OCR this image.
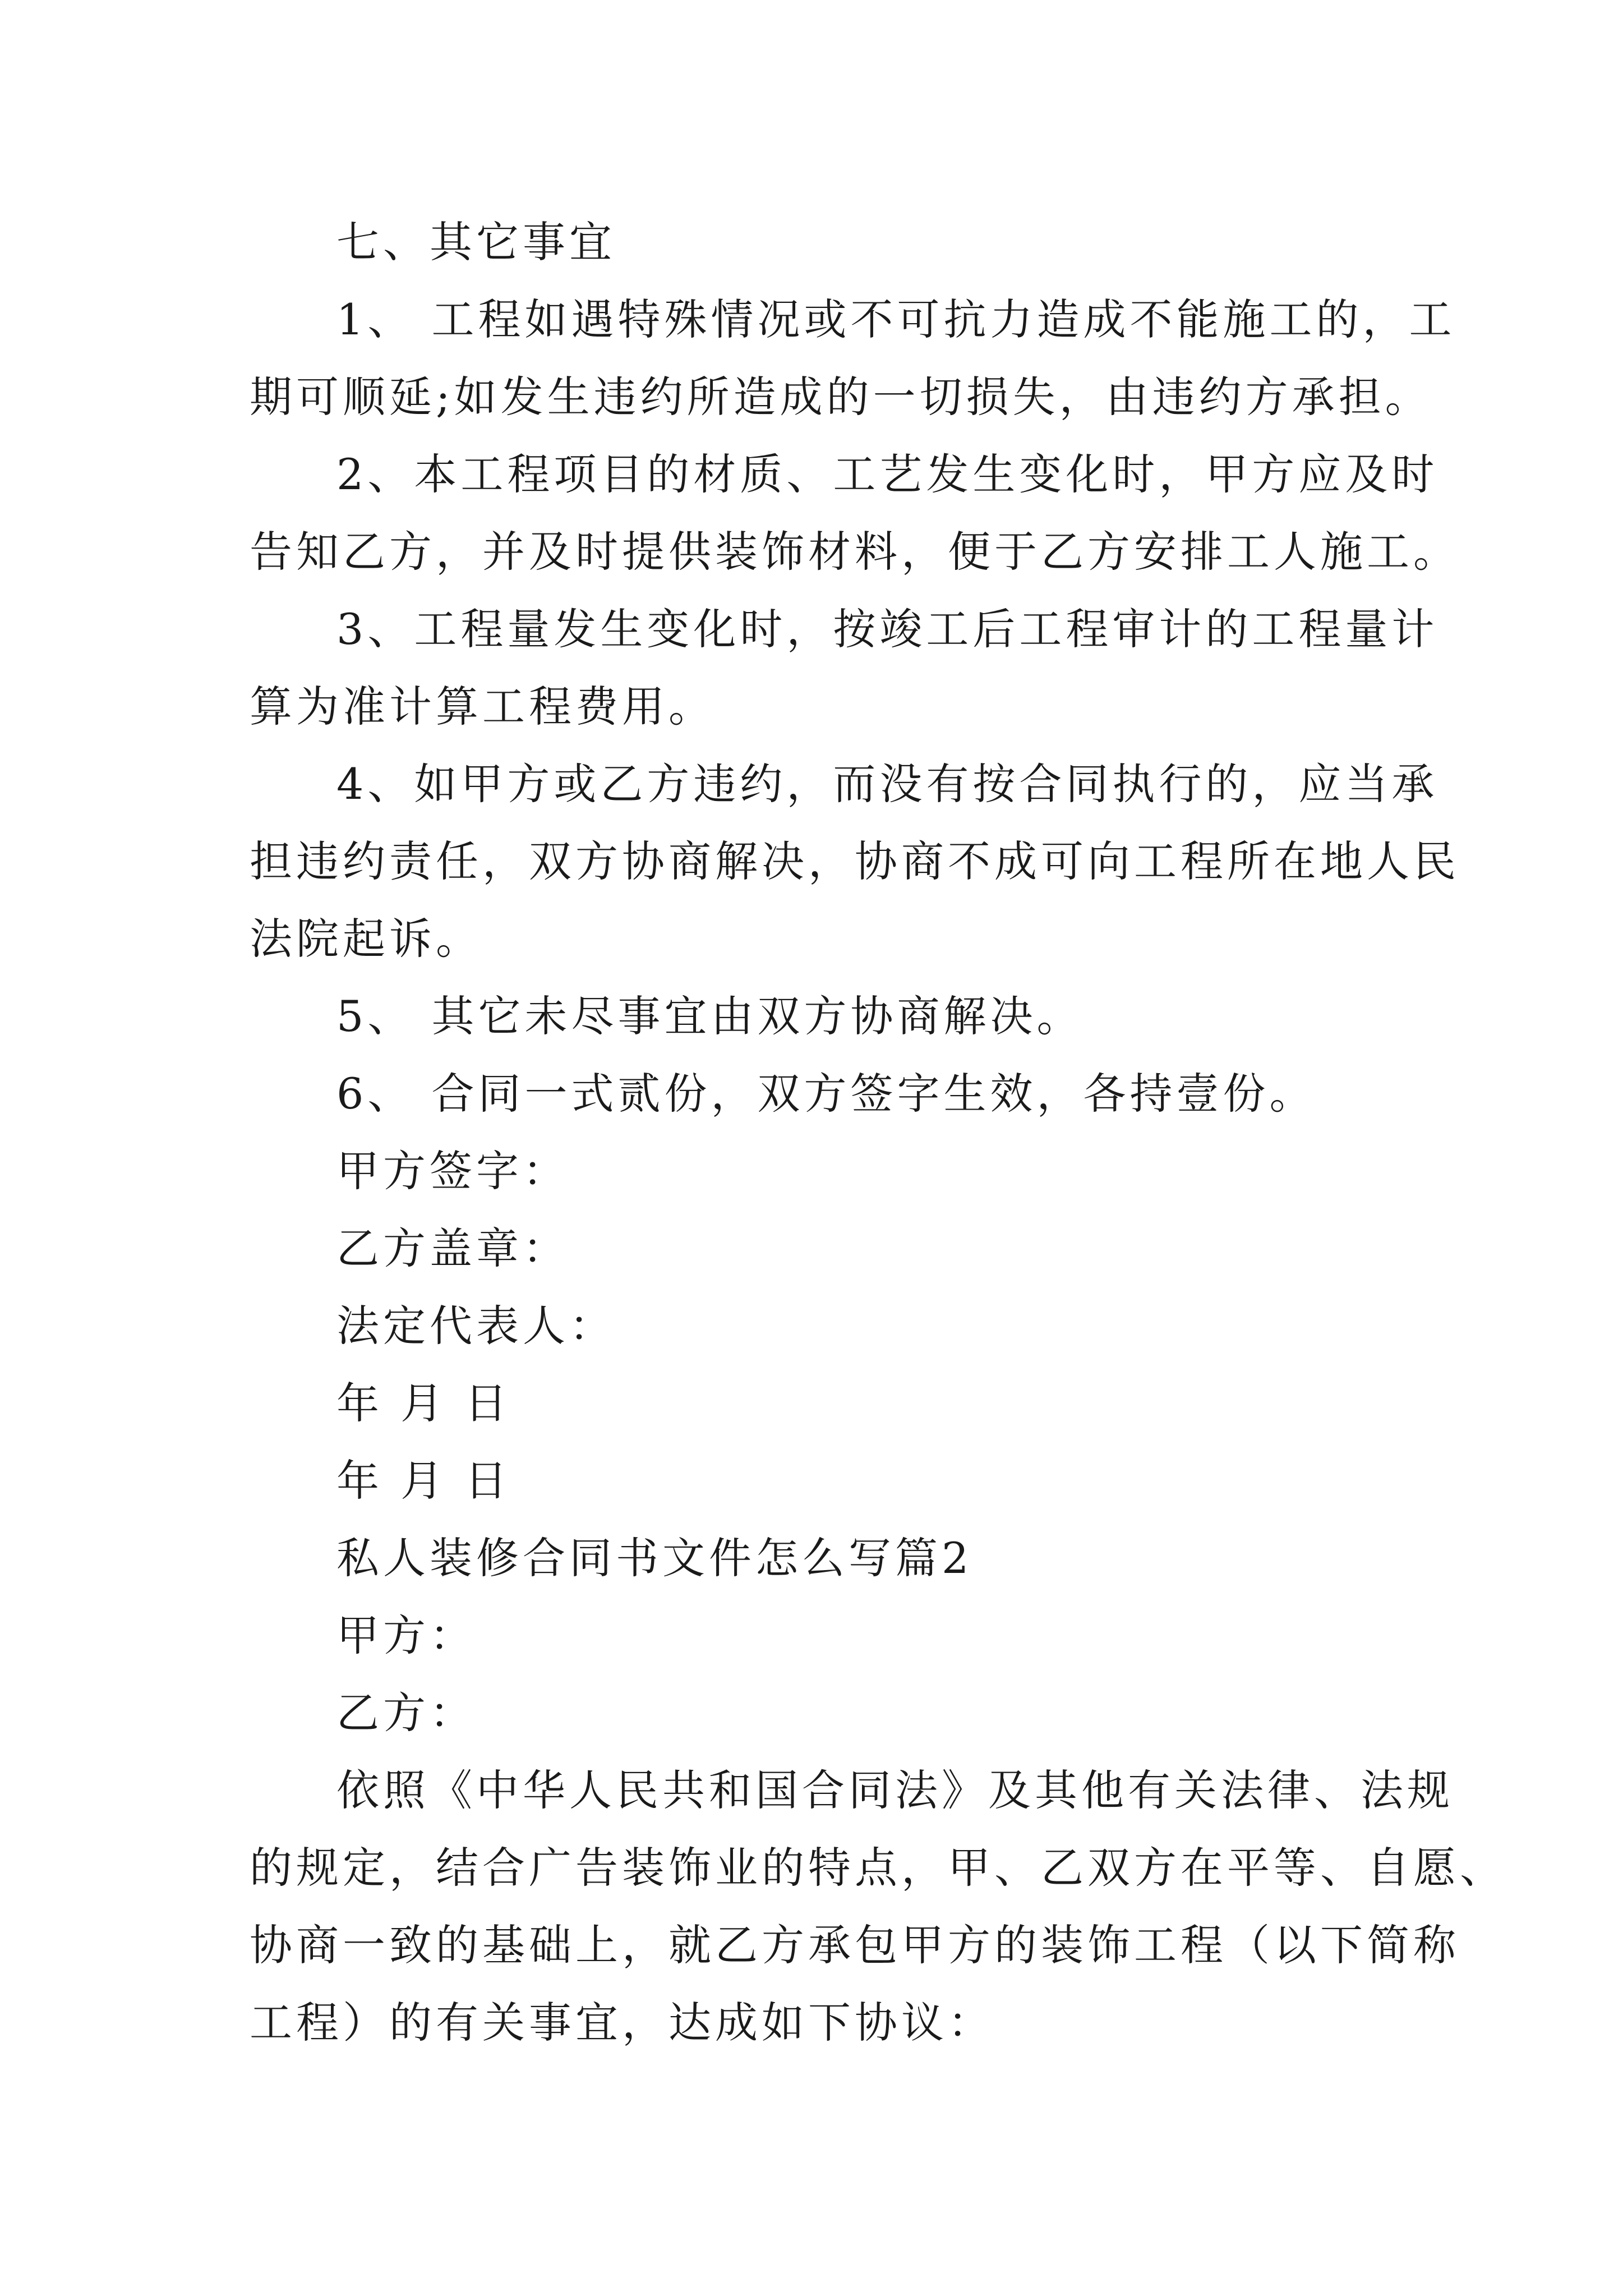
七、其它事宜

1、 工程如遇特殊情况或不可抗力造成不能施工的，工

期可顺延;如发生违约所造成的一切损失，由违约方承担。

2、本工程项目的材质、工艺发生变化时，甲方应及时

告知乙方，并及时提供装饰材料，便于乙方安排工人施工。

3、工程量发生变化时，按竣工后工程审计的工程量计

算为准计算工程费用。

4、如甲方或乙方违约，而没有按合同执行的，应当承

担违约责任，双方协商解决，协商不成可向工程所在地人民

法院起诉。

5、 其它未尽事宜由双方协商解决。

6、 合同一式贰份，双方签字生效，各持壹份。

甲方签字：

乙方盖章：

法定代表人：

年 月 日

年 月 日

私人装修合同书文件怎么写篇2

甲方：

乙方：

依照《中华人民共和国合同法》及其他有关法律、法规

的规定，结合广告装饰业的特点，甲、乙双方在平等、自愿、

协商一致的基础上，就乙方承包甲方的装饰工程（以下简称

工程）的有关事宜，达成如下协议：
